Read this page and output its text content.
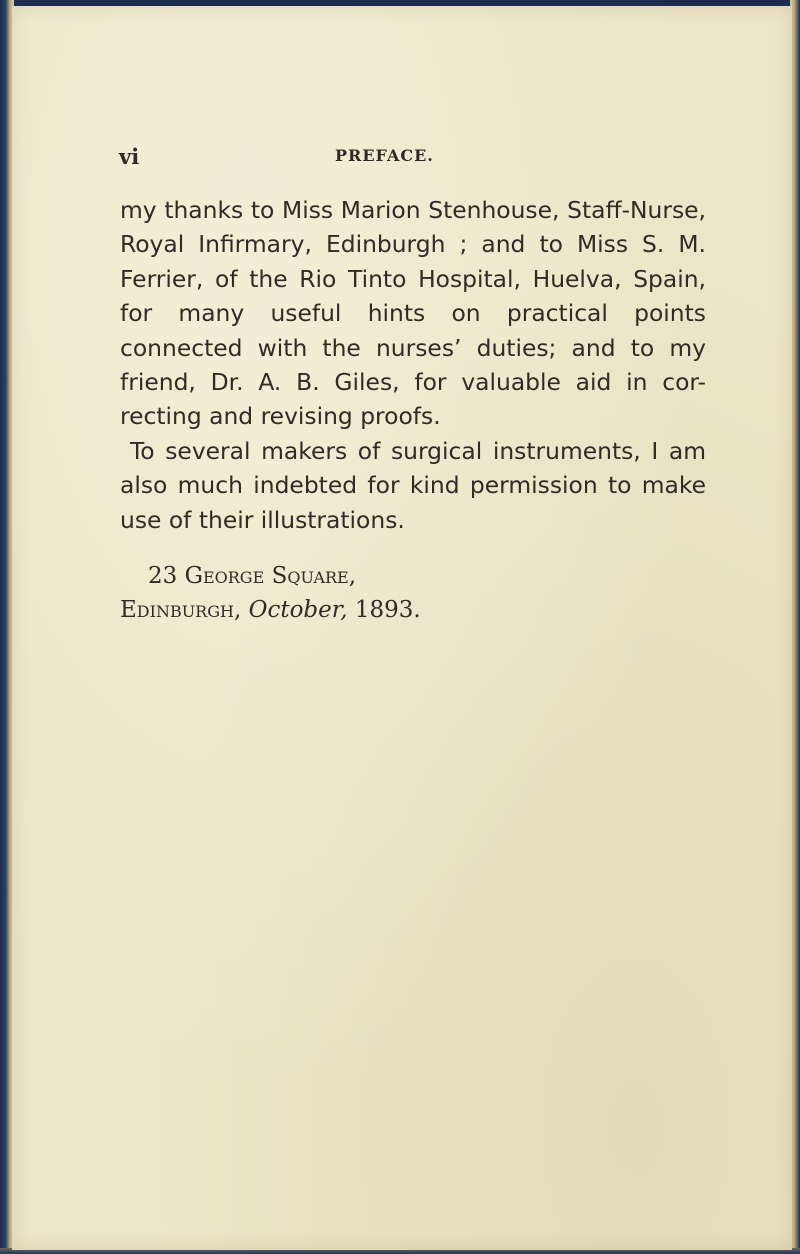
vi	PREFACE.

my thanks to Miss Marion Stenhouse, Staff-Nurse, Royal Infirmary, Edinburgh ; and to Miss S. M. Ferrier, of the Rio Tinto Hospital, Huelva, Spain, for many useful hints on practical points connected with the nurses’ duties; and to my friend, Dr. A. B. Giles, for valuable aid in cor-recting and revising proofs.

To several makers of surgical instruments, I am also much indebted for kind permission to make use of their illustrations.

23 George Square,
Edinburgh, October, 1893.
